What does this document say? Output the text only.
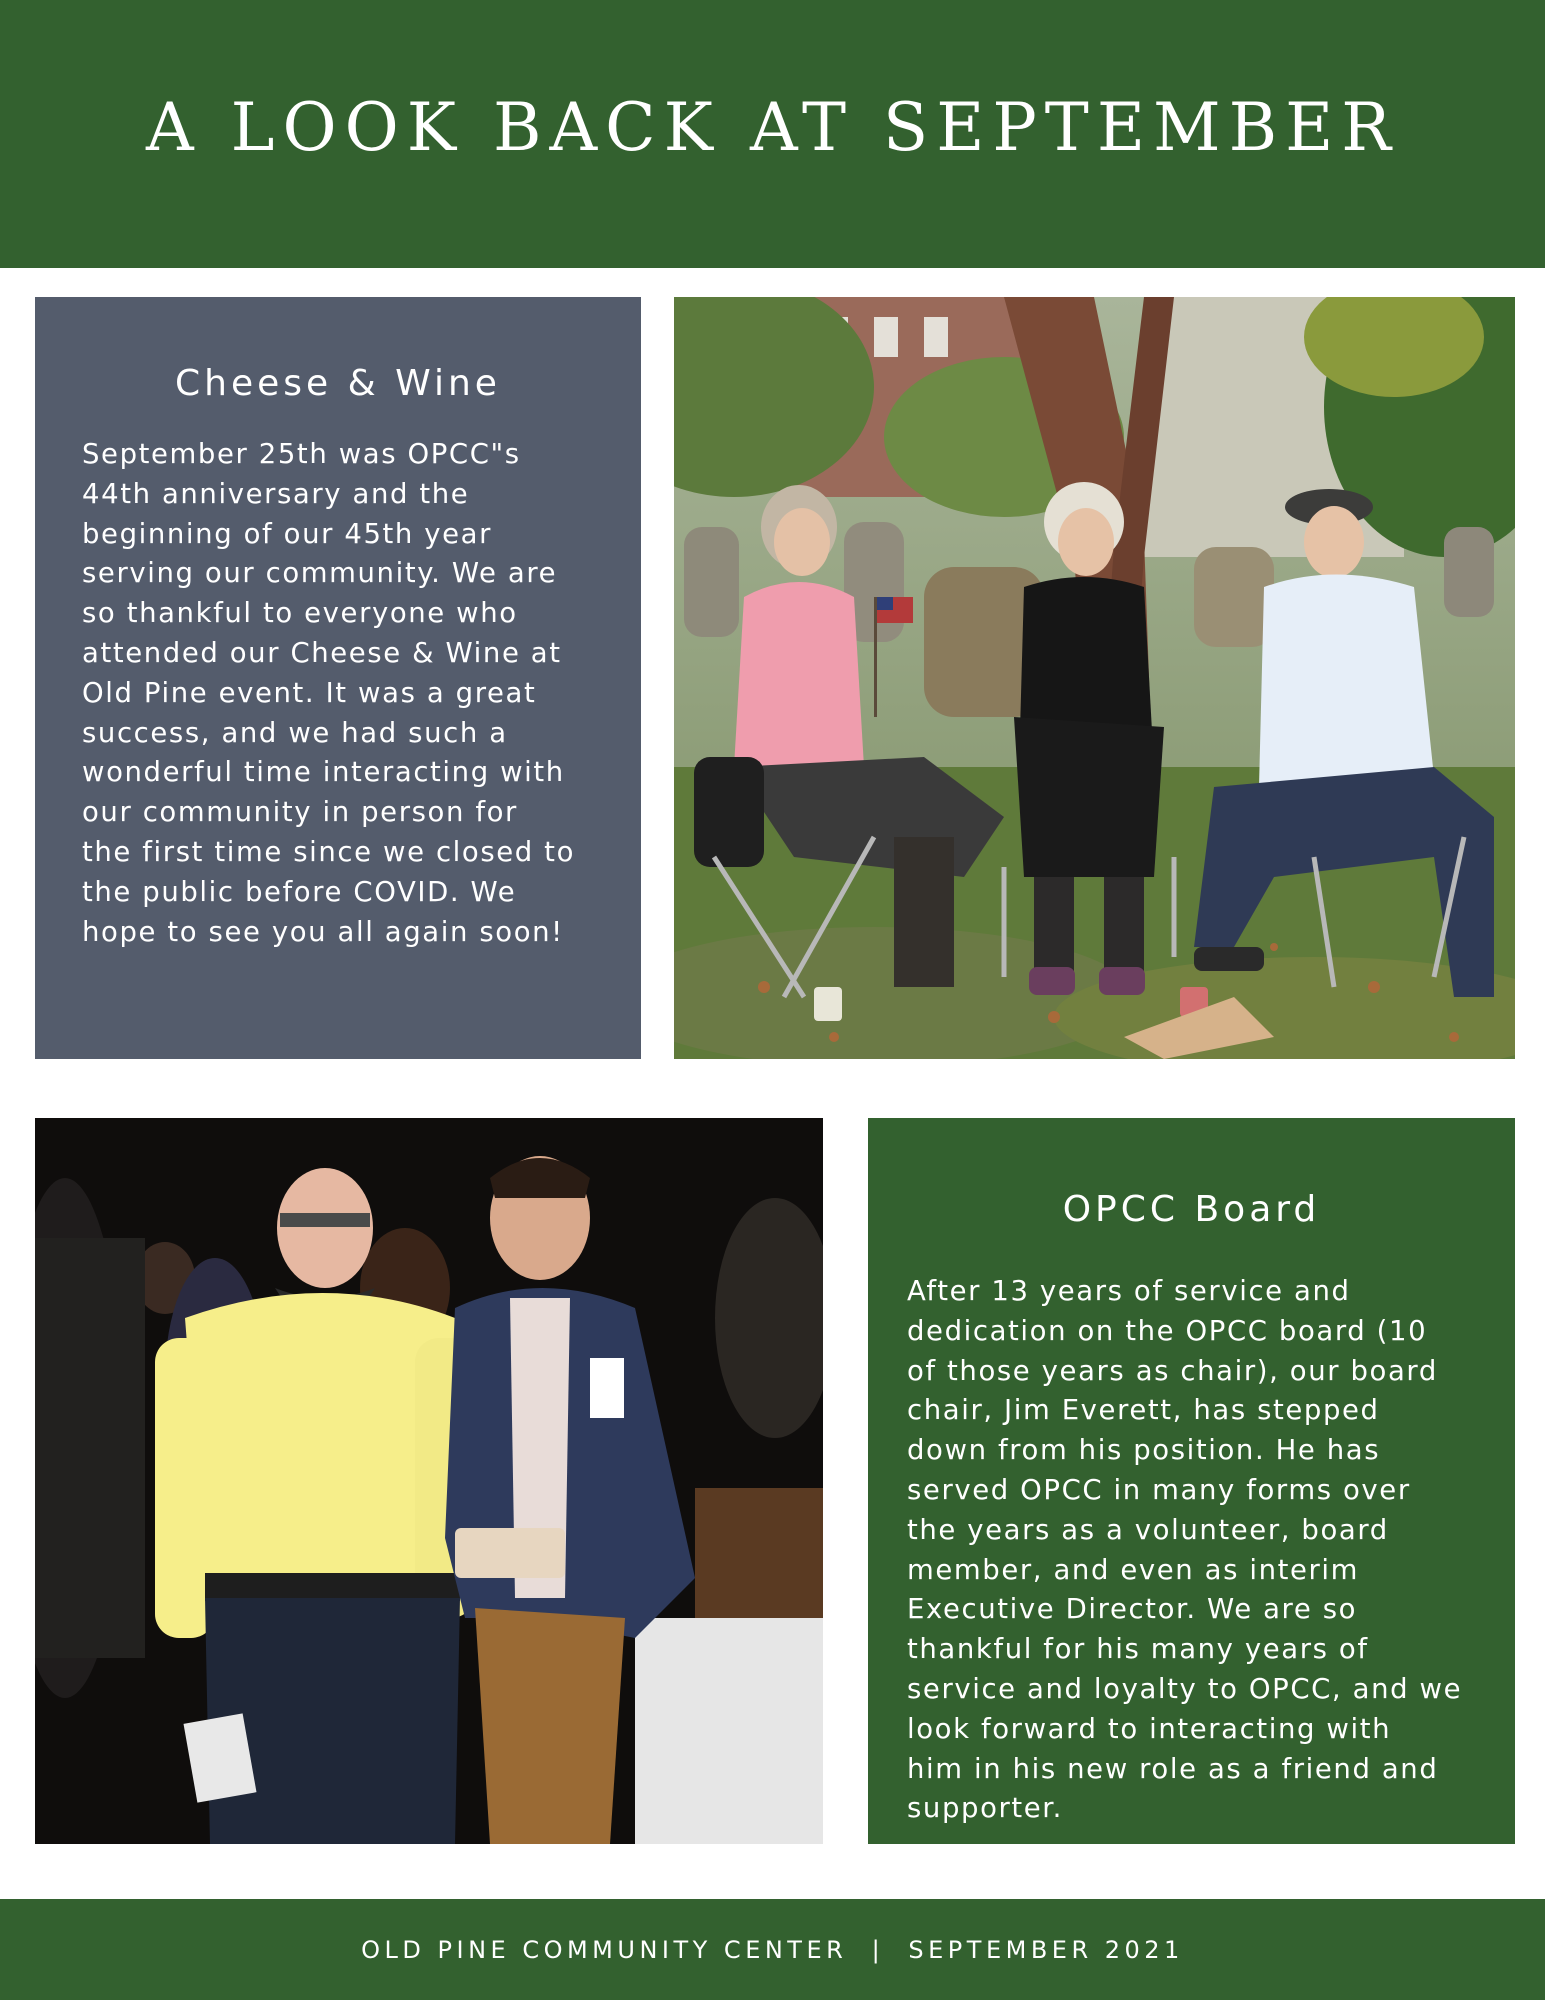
A LOOK BACK AT SEPTEMBER
Cheese & Wine
September 25th was OPCC"s
44th anniversary and the
beginning of our 45th year
serving our community. We are
so thankful to everyone who
attended our Cheese & Wine at
Old Pine event. It was a great
success, and we had such a
wonderful time interacting with
our community in person for
the first time since we closed to
the public before COVID. We
hope to see you all again soon!
OPCC Board
After 13 years of service and
dedication on the OPCC board (10
of those years as chair), our board
chair, Jim Everett, has stepped
down from his position. He has
served OPCC in many forms over
the years as a volunteer, board
member, and even as interim
Executive Director. We are so
thankful for his many years of
service and loyalty to OPCC, and we
look forward to interacting with
him in his new role as a friend and
supporter.
OLD PINE COMMUNITY CENTER  |  SEPTEMBER 2021
